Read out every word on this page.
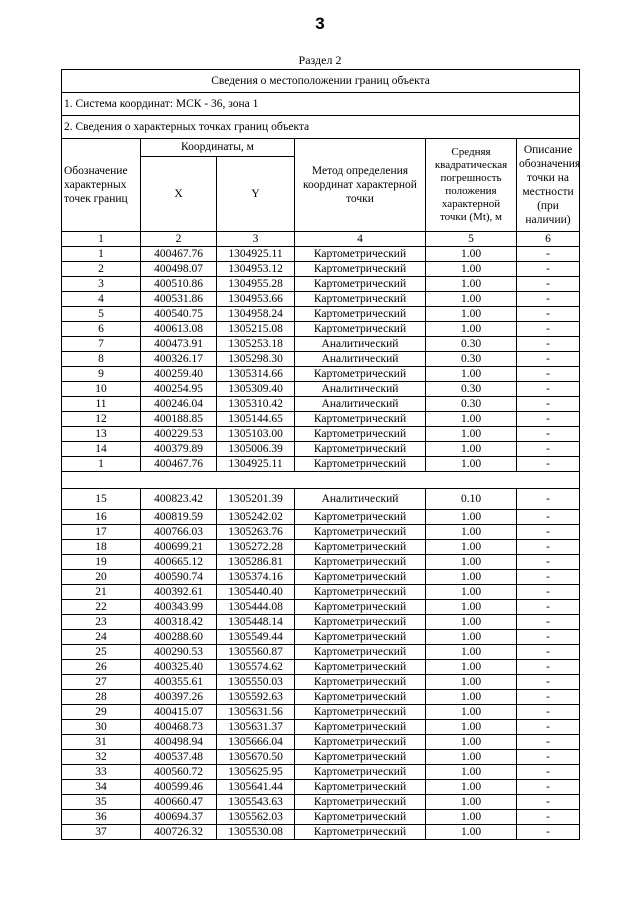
3
Раздел 2
Сведения о местоположении границ объекта					
1. Система координат: МСК - 36, зона 1					
2. Сведения о характерных точках границ объекта					
Обозначение характерных точек границ	Координаты, м		Метод определения координат характерной точки	Средняя квадратическая погрешность положения характерной точки (Mt), м	Описание обозначения точки на местности (при наличии)
	X	Y			
1	2	3	4	5	6
1	400467.76	1304925.11	Картометрический	1.00	-
2	400498.07	1304953.12	Картометрический	1.00	-
3	400510.86	1304955.28	Картометрический	1.00	-
4	400531.86	1304953.66	Картометрический	1.00	-
5	400540.75	1304958.24	Картометрический	1.00	-
6	400613.08	1305215.08	Картометрический	1.00	-
7	400473.91	1305253.18	Аналитический	0.30	-
8	400326.17	1305298.30	Аналитический	0.30	-
9	400259.40	1305314.66	Картометрический	1.00	-
10	400254.95	1305309.40	Аналитический	0.30	-
11	400246.04	1305310.42	Аналитический	0.30	-
12	400188.85	1305144.65	Картометрический	1.00	-
13	400229.53	1305103.00	Картометрический	1.00	-
14	400379.89	1305006.39	Картометрический	1.00	-
1	400467.76	1304925.11	Картометрический	1.00	-

15	400823.42	1305201.39	Аналитический	0.10	-
16	400819.59	1305242.02	Картометрический	1.00	-
17	400766.03	1305263.76	Картометрический	1.00	-
18	400699.21	1305272.28	Картометрический	1.00	-
19	400665.12	1305286.81	Картометрический	1.00	-
20	400590.74	1305374.16	Картометрический	1.00	-
21	400392.61	1305440.40	Картометрический	1.00	-
22	400343.99	1305444.08	Картометрический	1.00	-
23	400318.42	1305448.14	Картометрический	1.00	-
24	400288.60	1305549.44	Картометрический	1.00	-
25	400290.53	1305560.87	Картометрический	1.00	-
26	400325.40	1305574.62	Картометрический	1.00	-
27	400355.61	1305550.03	Картометрический	1.00	-
28	400397.26	1305592.63	Картометрический	1.00	-
29	400415.07	1305631.56	Картометрический	1.00	-
30	400468.73	1305631.37	Картометрический	1.00	-
31	400498.94	1305666.04	Картометрический	1.00	-
32	400537.48	1305670.50	Картометрический	1.00	-
33	400560.72	1305625.95	Картометрический	1.00	-
34	400599.46	1305641.44	Картометрический	1.00	-
35	400660.47	1305543.63	Картометрический	1.00	-
36	400694.37	1305562.03	Картометрический	1.00	-
37	400726.32	1305530.08	Картометрический	1.00	-
